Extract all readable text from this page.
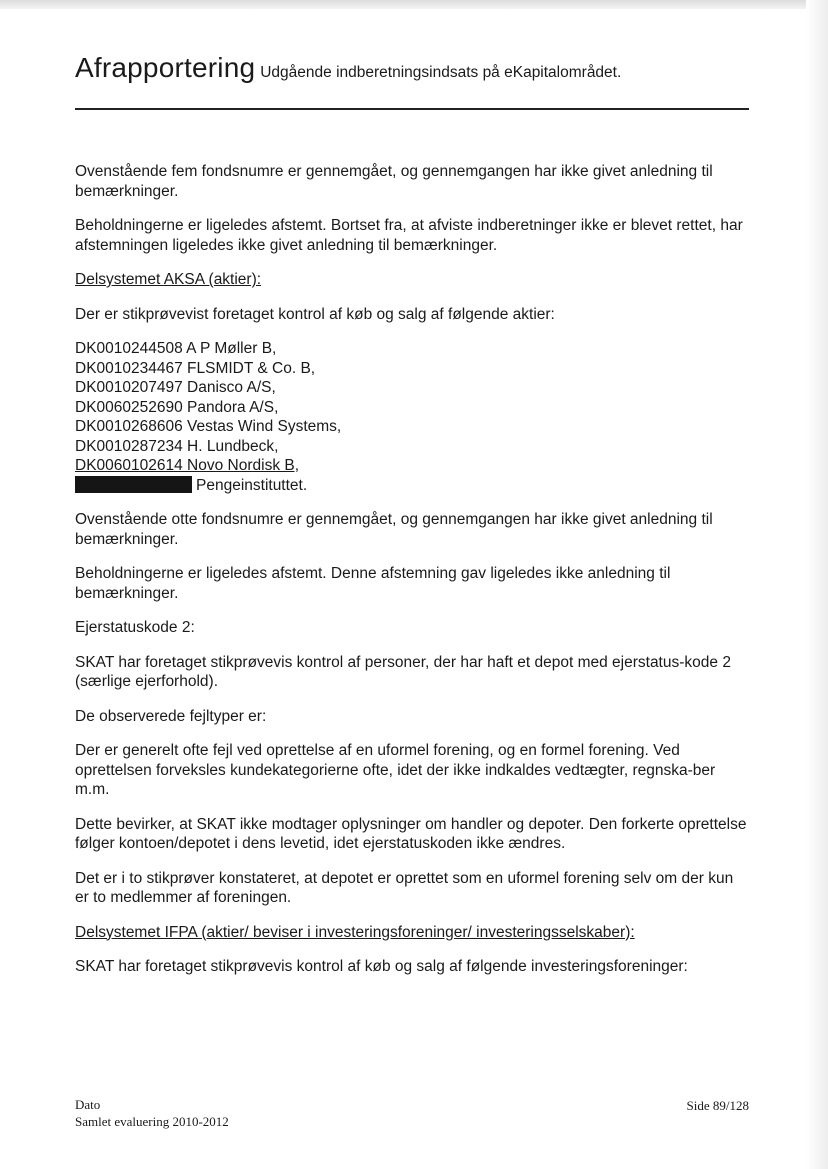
Afrapportering Udgående indberetningsindsats på eKapitalområdet.

Ovenstående fem fondsnumre er gennemgået, og gennemgangen har ikke givet anledning til bemærkninger.

Beholdningerne er ligeledes afstemt. Bortset fra, at afviste indberetninger ikke er blevet rettet, har afstemningen ligeledes ikke givet anledning til bemærkninger.

Delsystemet AKSA (aktier):

Der er stikprøvevist foretaget kontrol af køb og salg af følgende aktier:

DK0010244508 A P Møller B,
DK0010234467 FLSMIDT & Co. B,
DK0010207497 Danisco A/S,
DK0060252690 Pandora A/S,
DK0010268606 Vestas Wind Systems,
DK0010287234 H. Lundbeck,
DK0060102614 Novo Nordisk B,
Pengeinstituttet.

Ovenstående otte fondsnumre er gennemgået, og gennemgangen har ikke givet anledning til bemærkninger.

Beholdningerne er ligeledes afstemt. Denne afstemning gav ligeledes ikke anledning til bemærkninger.

Ejerstatuskode 2:

SKAT har foretaget stikprøvevis kontrol af personer, der har haft et depot med ejerstatus-kode 2 (særlige ejerforhold).

De observerede fejltyper er:

Der er generelt ofte fejl ved oprettelse af en uformel forening, og en formel forening. Ved oprettelsen forveksles kundekategorierne ofte, idet der ikke indkaldes vedtægter, regnska-ber m.m.

Dette bevirker, at SKAT ikke modtager oplysninger om handler og depoter. Den forkerte oprettelse følger kontoen/depotet i dens levetid, idet ejerstatuskoden ikke ændres.

Det er i to stikprøver konstateret, at depotet er oprettet som en uformel forening selv om der kun er to medlemmer af foreningen.

Delsystemet IFPA (aktier/ beviser i investeringsforeninger/ investeringsselskaber):

SKAT har foretaget stikprøvevis kontrol af køb og salg af følgende investeringsforeninger:

Dato
Samlet evaluering 2010-2012
Side 89/128
